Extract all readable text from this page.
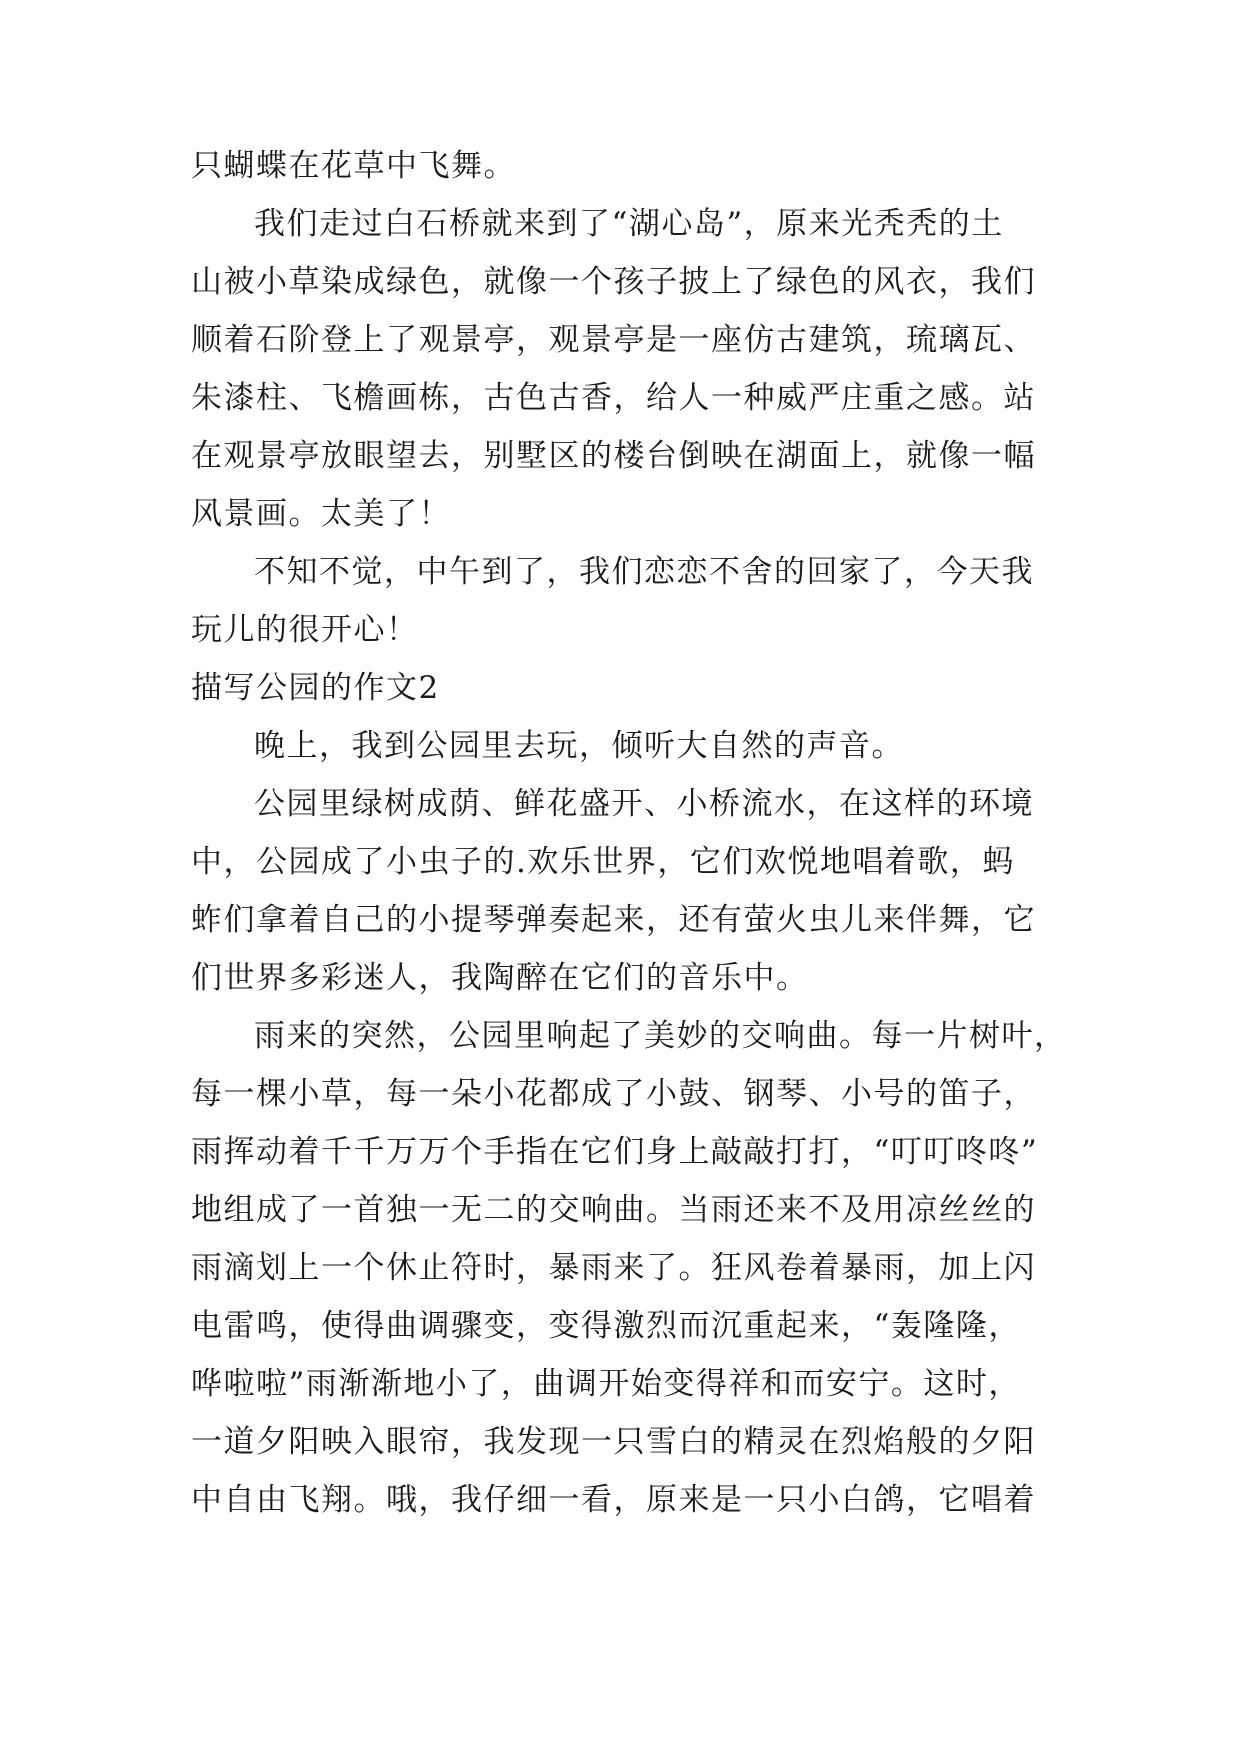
只蝴蝶在花草中飞舞。
我们走过白石桥就来到了“湖心岛”，原来光秃秃的土
山被小草染成绿色，就像一个孩子披上了绿色的风衣，我们
顺着石阶登上了观景亭，观景亭是一座仿古建筑，琉璃瓦、
朱漆柱、飞檐画栋，古色古香，给人一种威严庄重之感。站
在观景亭放眼望去，别墅区的楼台倒映在湖面上，就像一幅
风景画。太美了！
不知不觉，中午到了，我们恋恋不舍的回家了，今天我
玩儿的很开心！
描写公园的作文2
晚上，我到公园里去玩，倾听大自然的声音。
公园里绿树成荫、鲜花盛开、小桥流水，在这样的环境
中，公园成了小虫子的.欢乐世界，它们欢悦地唱着歌，蚂
蚱们拿着自己的小提琴弹奏起来，还有萤火虫儿来伴舞，它
们世界多彩迷人，我陶醉在它们的音乐中。
雨来的突然，公园里响起了美妙的交响曲。每一片树叶，
每一棵小草，每一朵小花都成了小鼓、钢琴、小号的笛子，
雨挥动着千千万万个手指在它们身上敲敲打打，“叮叮咚咚”
地组成了一首独一无二的交响曲。当雨还来不及用凉丝丝的
雨滴划上一个休止符时，暴雨来了。狂风卷着暴雨，加上闪
电雷鸣，使得曲调骤变，变得激烈而沉重起来，“轰隆隆，
哗啦啦”雨渐渐地小了，曲调开始变得祥和而安宁。这时，
一道夕阳映入眼帘，我发现一只雪白的精灵在烈焰般的夕阳
中自由飞翔。哦，我仔细一看，原来是一只小白鸽，它唱着
